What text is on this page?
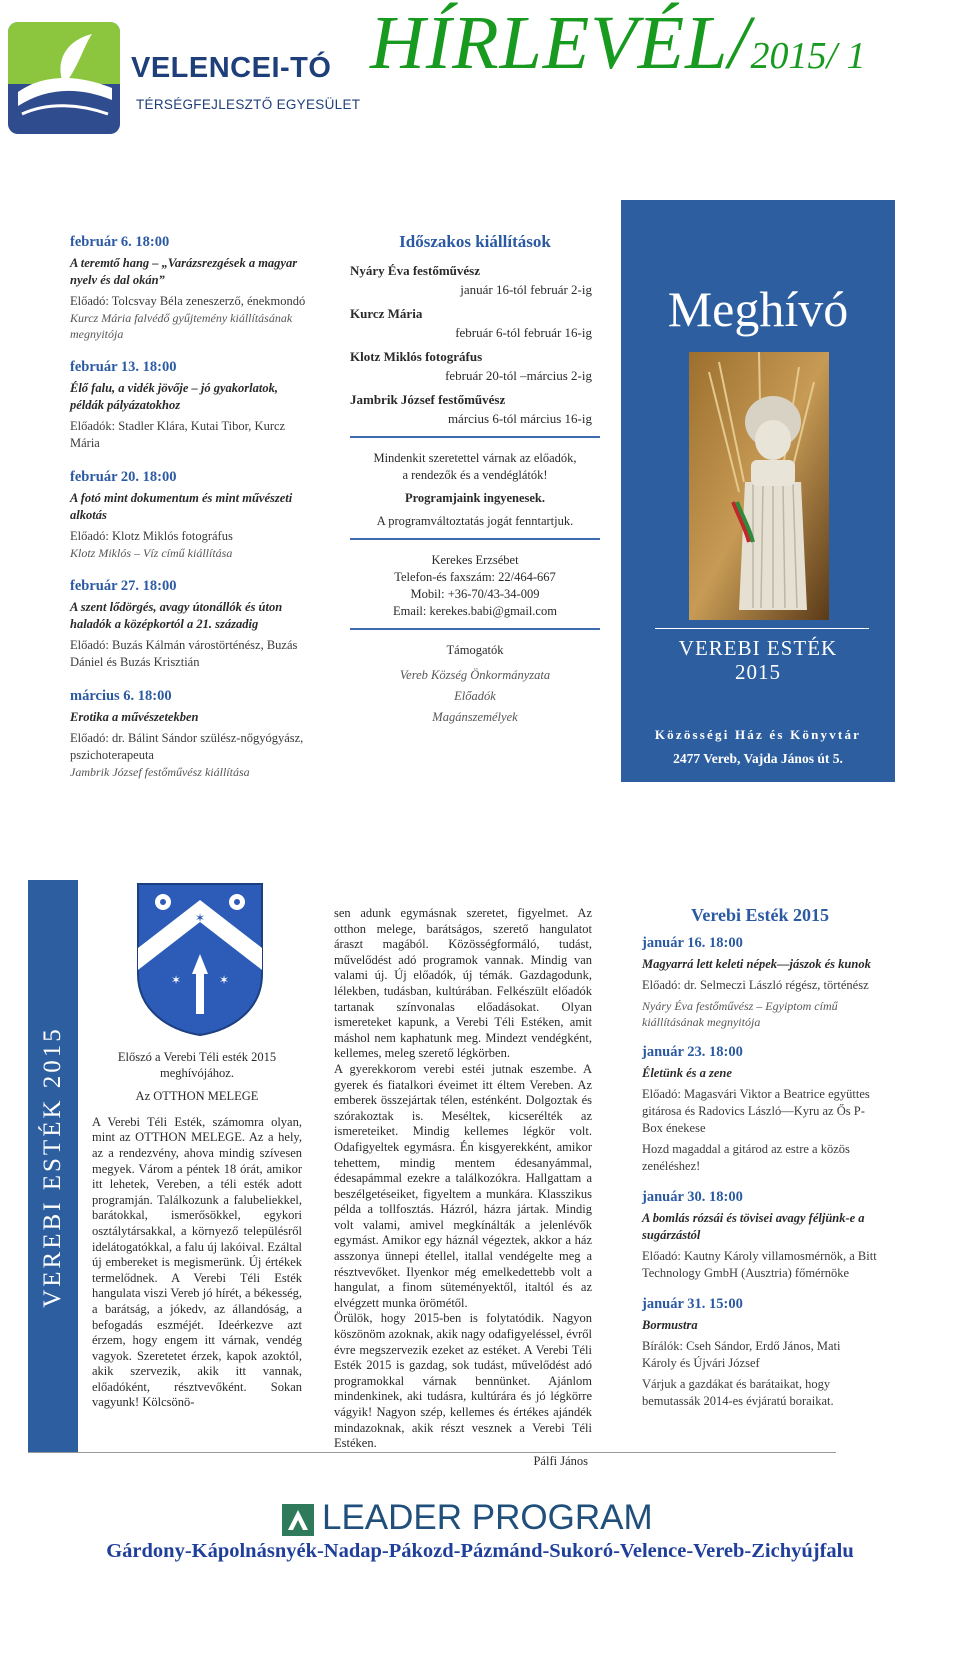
VELENCEI-TÓ
TÉRSÉGFEJLESZTŐ EGYESÜLET
HÍRLEVÉL/2015/ 1
február 6. 18:00
A teremtő hang – „Varázsrezgések a magyar nyelv és dal okán”
Előadó: Tolcsvay Béla zeneszerző, énekmondó
Kurcz Mária falvédő gyűjtemény kiállításának megnyitója
február 13. 18:00
Élő falu, a vidék jövője – jó gyakorlatok, példák pályázatokhoz
Előadók: Stadler Klára, Kutai Tibor, Kurcz Mária
február 20. 18:00
A fotó mint dokumentum és mint művészeti alkotás
Előadó: Klotz Miklós fotográfus
Klotz Miklós – Víz című kiállítása
február 27. 18:00
A szent lődörgés, avagy útonállók és úton haladók a középkortól a 21. századig
Előadó: Buzás Kálmán várostörténész, Buzás Dániel és Buzás Krisztián
március 6. 18:00
Erotika a művészetekben
Előadó: dr. Bálint Sándor szülész-nőgyógyász, pszichoterapeuta
Jambrik József festőművész kiállítása
Időszakos kiállítások
Nyáry Éva festőművész
január 16-tól február 2-ig
Kurcz Mária
február 6-tól február 16-ig
Klotz Miklós fotográfus
február 20-tól –március 2-ig
Jambrik József festőművész
március 6-tól március 16-ig
Mindenkit szeretettel várnak az előadók,
a rendezők és a vendéglátók!
Programjaink ingyenesek.
A programváltoztatás jogát fenntartjuk.
Kerekes Erzsébet
Telefon-és faxszám: 22/464-667
Mobil: +36-70/43-34-009
Email: kerekes.babi@gmail.com
Támogatók
Vereb Község Önkormányzata
Előadók
Magánszemélyek
Meghívó
VEREBI ESTÉK
2015
Közösségi Ház és Könyvtár
2477 Vereb, Vajda János út 5.
VEREBI ESTÉK 2015
✶
✶	✶
Előszó a Verebi Téli esték 2015
meghívójához.
Az OTTHON MELEGE
A Verebi Téli Esték, számomra olyan, mint az OTTHON MELEGE. Az a hely, az a rendezvény, ahova mindig szívesen megyek. Várom a péntek 18 órát, amikor itt lehetek, Vereben, a téli esték adott programján. Találkozunk a falubeliekkel, barátokkal, ismerősökkel, egykori osztálytársakkal, a környező településről idelátogatókkal, a falu új lakóival. Ezáltal új embereket is megismerünk. Új értékek termelődnek. A Verebi Téli Esték hangulata viszi Vereb jó hírét, a békesség, a barátság, a jókedv, az állandóság, a befogadás eszméjét. Ideérkezve azt érzem, hogy engem itt várnak, vendég vagyok. Szeretetet érzek, kapok azoktól, akik szervezik, akik itt vannak, előadóként, résztvevőként. Sokan vagyunk! Kölcsönö-
sen adunk egymásnak szeretet, figyelmet. Az otthon melege, barátságos, szerető hangulatot áraszt magából. Közösségformáló, tudást, művelődést adó programok vannak. Mindig van valami új. Új előadók, új témák. Gazdagodunk, lélekben, tudásban, kultúrában. Felkészült előadók tartanak színvonalas előadásokat. Olyan ismereteket kapunk, a Verebi Téli Estéken, amit máshol nem kaphatunk meg. Mindezt vendégként, kellemes, meleg szerető légkörben.
A gyerekkorom verebi estéi jutnak eszembe. A gyerek és fiatalkori éveimet itt éltem Vereben. Az emberek összejártak télen, esténként. Dolgoztak és szórakoztak is. Meséltek, kicserélték az ismereteiket. Mindig kellemes légkör volt. Odafigyeltek egymásra. Én kisgyerekként, amikor tehettem, mindig mentem édesanyámmal, édesapámmal ezekre a találkozókra. Hallgattam a beszélgetéseiket, figyeltem a munkára. Klasszikus példa a tollfosztás. Házról, házra jártak. Mindig volt valami, amivel megkínálták a jelenlévők egymást. Amikor egy háznál végeztek, akkor a ház asszonya ünnepi étellel, itallal vendégelte meg a résztvevőket. Ilyenkor még emelkedettebb volt a hangulat, a finom süteményektől, italtól és az elvégzett munka örömétől.
Örülök, hogy 2015-ben is folytatódik. Nagyon köszönöm azoknak, akik nagy odafigyeléssel, évről évre megszervezik ezeket az estéket. A Verebi Téli Esték 2015 is gazdag, sok tudást, művelődést adó programokkal várnak bennünket. Ajánlom mindenkinek, aki tudásra, kultúrára és jó légkörre vágyik! Nagyon szép, kellemes és értékes ajándék mindazoknak, akik részt vesznek a Verebi Téli Estéken.
Pálfi János
Verebi Esték 2015
január 16. 18:00
Magyarrá lett keleti népek—jászok és kunok
Előadó: dr. Selmeczi László régész, történész
Nyáry Éva festőművész – Egyiptom című kiállításának megnyitója
január 23. 18:00
Életünk és a zene
Előadó: Magasvári Viktor a Beatrice együttes gitárosa és Radovics László—Kyru az Ős P-Box énekese
Hozd magaddal a gitárod az estre a közös zenéléshez!
január 30. 18:00
A bomlás rózsái és tövisei avagy féljünk-e a sugárzástól
Előadó: Kautny Károly villamosmérnök, a Bitt Technology GmbH (Ausztria) főmérnöke
január 31. 15:00
Bormustra
Bírálók: Cseh Sándor, Erdő János, Mati Károly és Újvári József
Várjuk a gazdákat és barátaikat, hogy bemutassák 2014-es évjáratú boraikat.
LEADER PROGRAM
Gárdony-Kápolnásnyék-Nadap-Pákozd-Pázmánd-Sukoró-Velence-Vereb-Zichyújfalu
